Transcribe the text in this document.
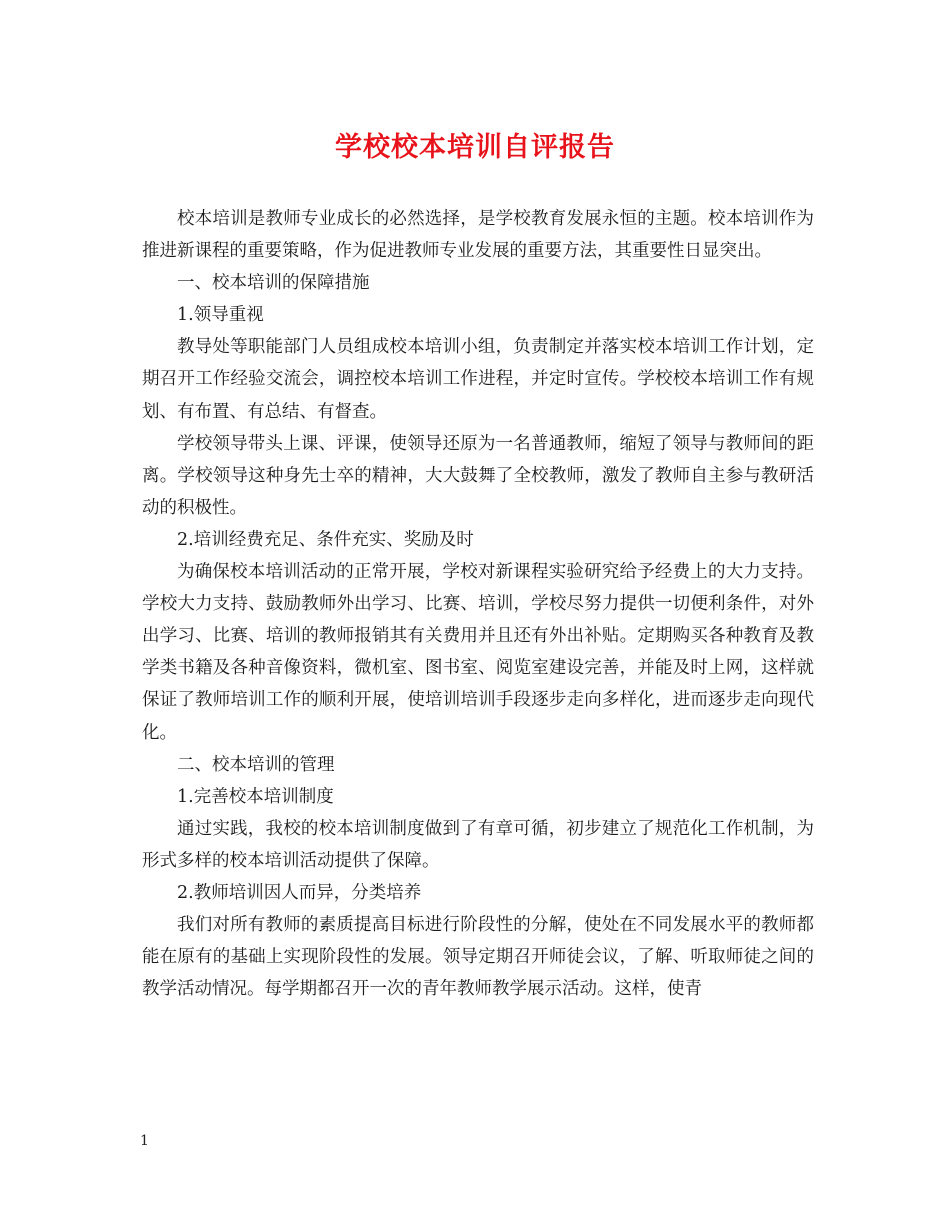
学校校本培训自评报告

校本培训是教师专业成长的必然选择，是学校教育发展永恒的主题。校本培训作为推进新课程的重要策略，作为促进教师专业发展的重要方法，其重要性日显突出。

一、校本培训的保障措施

1.领导重视

教导处等职能部门人员组成校本培训小组，负责制定并落实校本培训工作计划，定期召开工作经验交流会，调控校本培训工作进程，并定时宣传。学校校本培训工作有规划、有布置、有总结、有督查。

学校领导带头上课、评课，使领导还原为一名普通教师，缩短了领导与教师间的距离。学校领导这种身先士卒的精神，大大鼓舞了全校教师，激发了教师自主参与教研活动的积极性。

2.培训经费充足、条件充实、奖励及时

为确保校本培训活动的正常开展，学校对新课程实验研究给予经费上的大力支持。学校大力支持、鼓励教师外出学习、比赛、培训，学校尽努力提供一切便利条件，对外出学习、比赛、培训的教师报销其有关费用并且还有外出补贴。定期购买各种教育及教学类书籍及各种音像资料，微机室、图书室、阅览室建设完善，并能及时上网，这样就保证了教师培训工作的顺利开展，使培训培训手段逐步走向多样化，进而逐步走向现代化。

二、校本培训的管理

1.完善校本培训制度

通过实践，我校的校本培训制度做到了有章可循，初步建立了规范化工作机制，为形式多样的校本培训活动提供了保障。

2.教师培训因人而异，分类培养

我们对所有教师的素质提高目标进行阶段性的分解，使处在不同发展水平的教师都能在原有的基础上实现阶段性的发展。领导定期召开师徒会议，了解、听取师徒之间的教学活动情况。每学期都召开一次的青年教师教学展示活动。这样，使青

1
